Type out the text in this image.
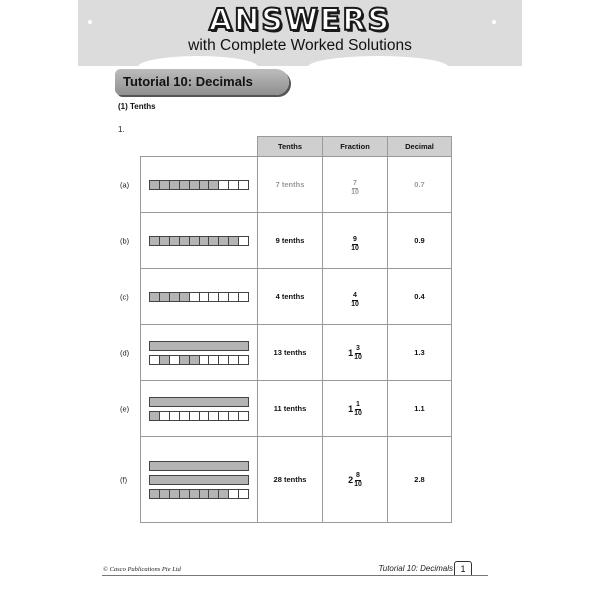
ANSWERS
with Complete Worked Solutions
Tutorial 10: Decimals
(1) Tenths
1.
		Tenths	Fraction	Decimal

(a)		7 tenths	$\frac{7}{10}$	0.7

(b)		9 tenths	$\frac{9}{10}$	0.9

(c)		4 tenths	$\frac{4}{10}$	0.4

(d)		13 tenths	$1 \frac{3}{10}$	1.3

(e)		11 tenths	$1 \frac{1}{10}$	1.1

(f)		28 tenths	$2 \frac{8}{10}$	2.8
© Casco Publications Pte Ltd	Tutorial 10: Decimals 1
